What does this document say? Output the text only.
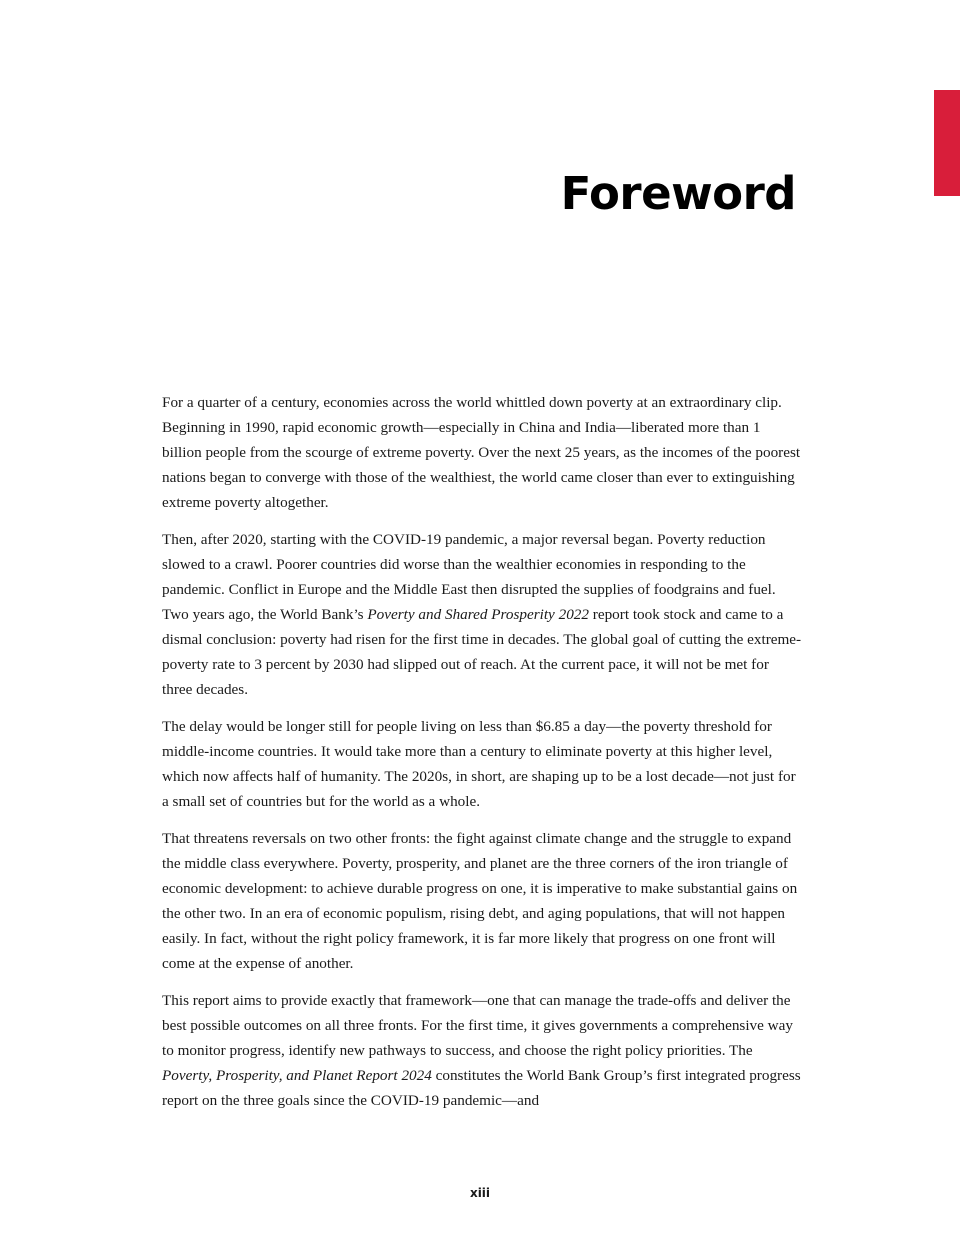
Foreword

For a quarter of a century, economies across the world whittled down poverty at an extraordinary clip. Beginning in 1990, rapid economic growth—especially in China and India—liberated more than 1 billion people from the scourge of extreme poverty. Over the next 25 years, as the incomes of the poorest nations began to converge with those of the wealthiest, the world came closer than ever to extinguishing extreme poverty altogether.

Then, after 2020, starting with the COVID-19 pandemic, a major reversal began. Poverty reduction slowed to a crawl. Poorer countries did worse than the wealthier economies in responding to the pandemic. Conflict in Europe and the Middle East then disrupted the supplies of foodgrains and fuel. Two years ago, the World Bank’s Poverty and Shared Prosperity 2022 report took stock and came to a dismal conclusion: poverty had risen for the first time in decades. The global goal of cutting the extreme-poverty rate to 3 percent by 2030 had slipped out of reach. At the current pace, it will not be met for three decades.

The delay would be longer still for people living on less than $6.85 a day—the poverty threshold for middle-income countries. It would take more than a century to eliminate poverty at this higher level, which now affects half of humanity. The 2020s, in short, are shaping up to be a lost decade—not just for a small set of countries but for the world as a whole.

That threatens reversals on two other fronts: the fight against climate change and the struggle to expand the middle class everywhere. Poverty, prosperity, and planet are the three corners of the iron triangle of economic development: to achieve durable progress on one, it is imperative to make substantial gains on the other two. In an era of economic populism, rising debt, and aging populations, that will not happen easily. In fact, without the right policy framework, it is far more likely that progress on one front will come at the expense of another.

This report aims to provide exactly that framework—one that can manage the trade-offs and deliver the best possible outcomes on all three fronts. For the first time, it gives governments a comprehensive way to monitor progress, identify new pathways to success, and choose the right policy priorities. The Poverty, Prosperity, and Planet Report 2024 constitutes the World Bank Group’s first integrated progress report on the three goals since the COVID-19 pandemic—and

xiii
